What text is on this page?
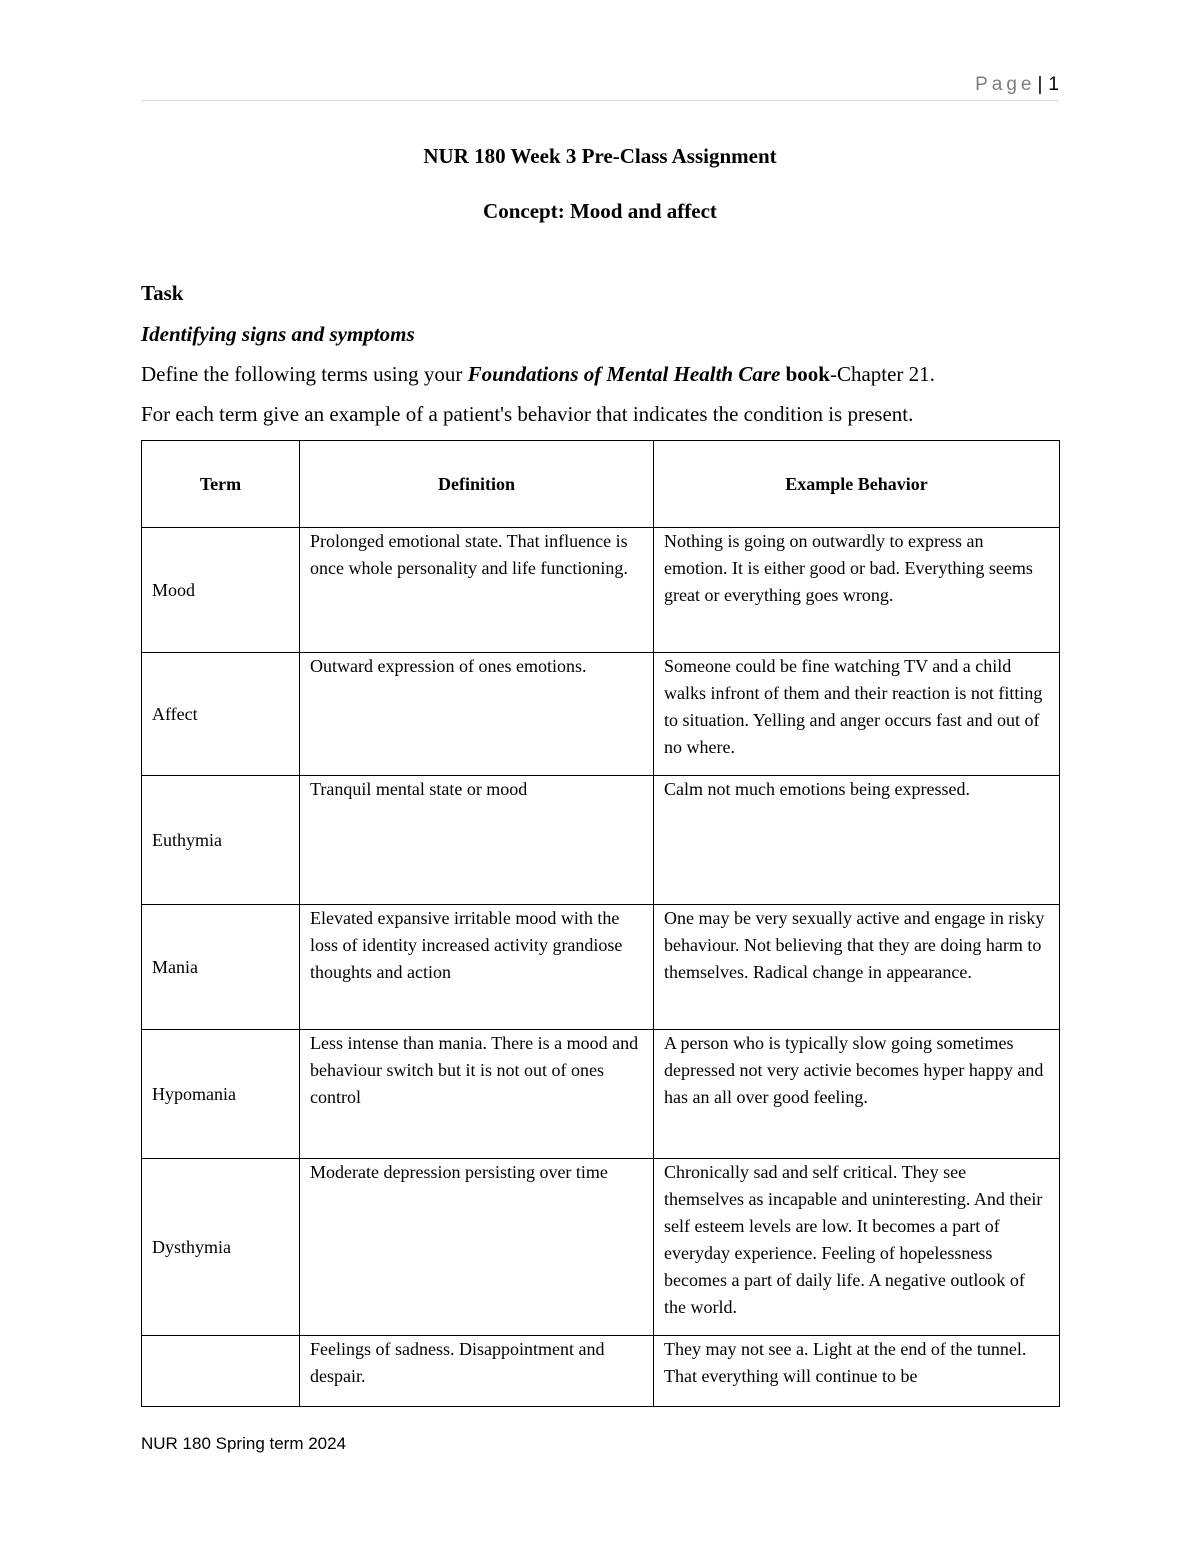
Page | 1
NUR 180 Week 3 Pre-Class Assignment
Concept: Mood and affect
Task
Identifying signs and symptoms
Define the following terms using your Foundations of Mental Health Care book-Chapter 21.
For each term give an example of a patient's behavior that indicates the condition is present.
Term	Definition	Example Behavior
Mood	Prolonged emotional state. That influence is once whole personality and life functioning.	Nothing is going on outwardly to express an emotion. It is either good or bad. Everything seems great or everything goes wrong.
Affect	Outward expression of ones emotions.	Someone could be fine watching TV and a child walks infront of them and their reaction is not fitting to situation. Yelling and anger occurs fast and out of no where.
Euthymia	Tranquil mental state or mood	Calm not much emotions being expressed.
Mania	Elevated expansive irritable mood with the loss of identity increased activity grandiose thoughts and action	One may be very sexually active and engage in risky behaviour. Not believing that they are doing harm to themselves. Radical change in appearance.
Hypomania	Less intense than mania. There is a mood and behaviour switch but it is not out of ones control	A person who is typically slow going sometimes depressed not very activie becomes hyper happy and has an all over good feeling.
Dysthymia	Moderate depression persisting over time	Chronically sad and self critical. They see themselves as incapable and uninteresting. And their self esteem levels are low. It becomes a part of everyday experience. Feeling of hopelessness becomes a part of daily life. A negative outlook of the world.
	Feelings of sadness. Disappointment and despair.	They may not see a. Light at the end of the tunnel. That everything will continue to be
NUR 180 Spring term 2024
